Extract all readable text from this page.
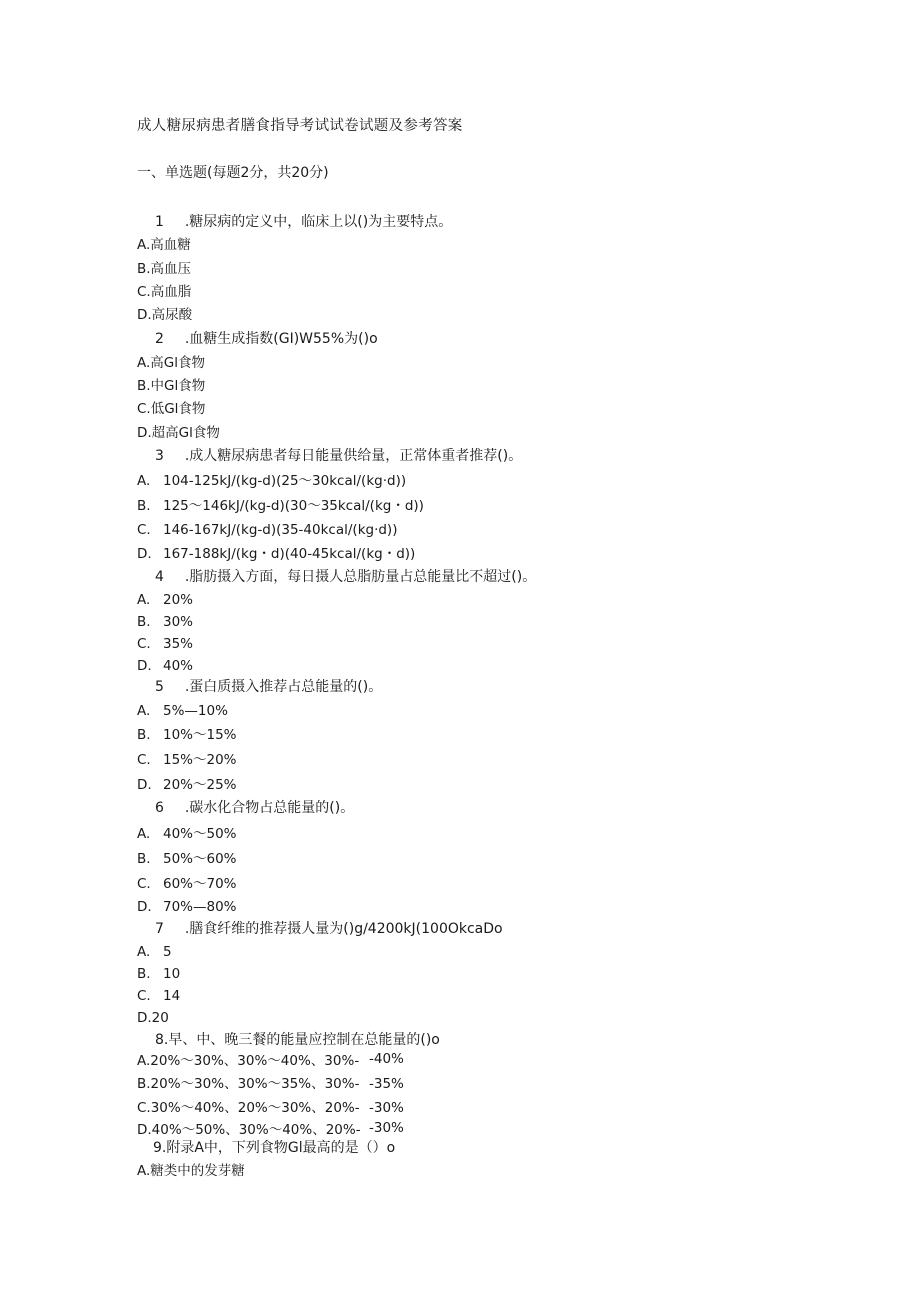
成人糖尿病患者膳食指导考试试卷试题及参考答案
一、单选题(每题2分，共20分)
1 .糖尿病的定义中，临床上以()为主要特点。
A.高血糖
B.高血压
C.高血脂
D.高尿酸
2 .血糖生成指数(GI)W55%为()o
A.高Gl食物
B.中Gl食物
C.低Gl食物
D.超高Gl食物
3 .成人糖尿病患者每日能量供给量，正常体重者推荐()。
A. 104-125kJ∕(kg-d)(25～30kcal∕(kg·d))
B. 125～146kJ∕(kg-d)(30～35kcal∕(kg・d))
C. 146-167kJ∕(kg-d)(35-40kcal∕(kg·d))
D. 167-188kJ∕(kg・d)(40-45kcal∕(kg・d))
4 .脂肪摄入方面，每日摄人总脂肪量占总能量比不超过()。
A. 20%
B. 30%
C. 35%
D. 40%
5 .蛋白质摄入推荐占总能量的()。
A. 5%—10%
B. 10%～15%
C. 15%～20%
D. 20%～25%
6 .碳水化合物占总能量的()。
A. 40%～50%
B. 50%～60%
C. 60%～70%
D. 70%—80%
7 .膳食纤维的推荐摄人量为()g∕4200kJ(100OkcaDo
A. 5
B. 10
C. 14
D.20
8.早、中、晚三餐的能量应控制在总能量的()o
A.20%～30%、30%～40%、30%- -40%
B.20%～30%、30%～35%、30%- -35%
C.30%～40%、20%～30%、20%- -30%
D.40%～50%、30%～40%、20%- -30%
9.附录A中，下列食物Gl最高的是（）o
A.糖类中的发芽糖
